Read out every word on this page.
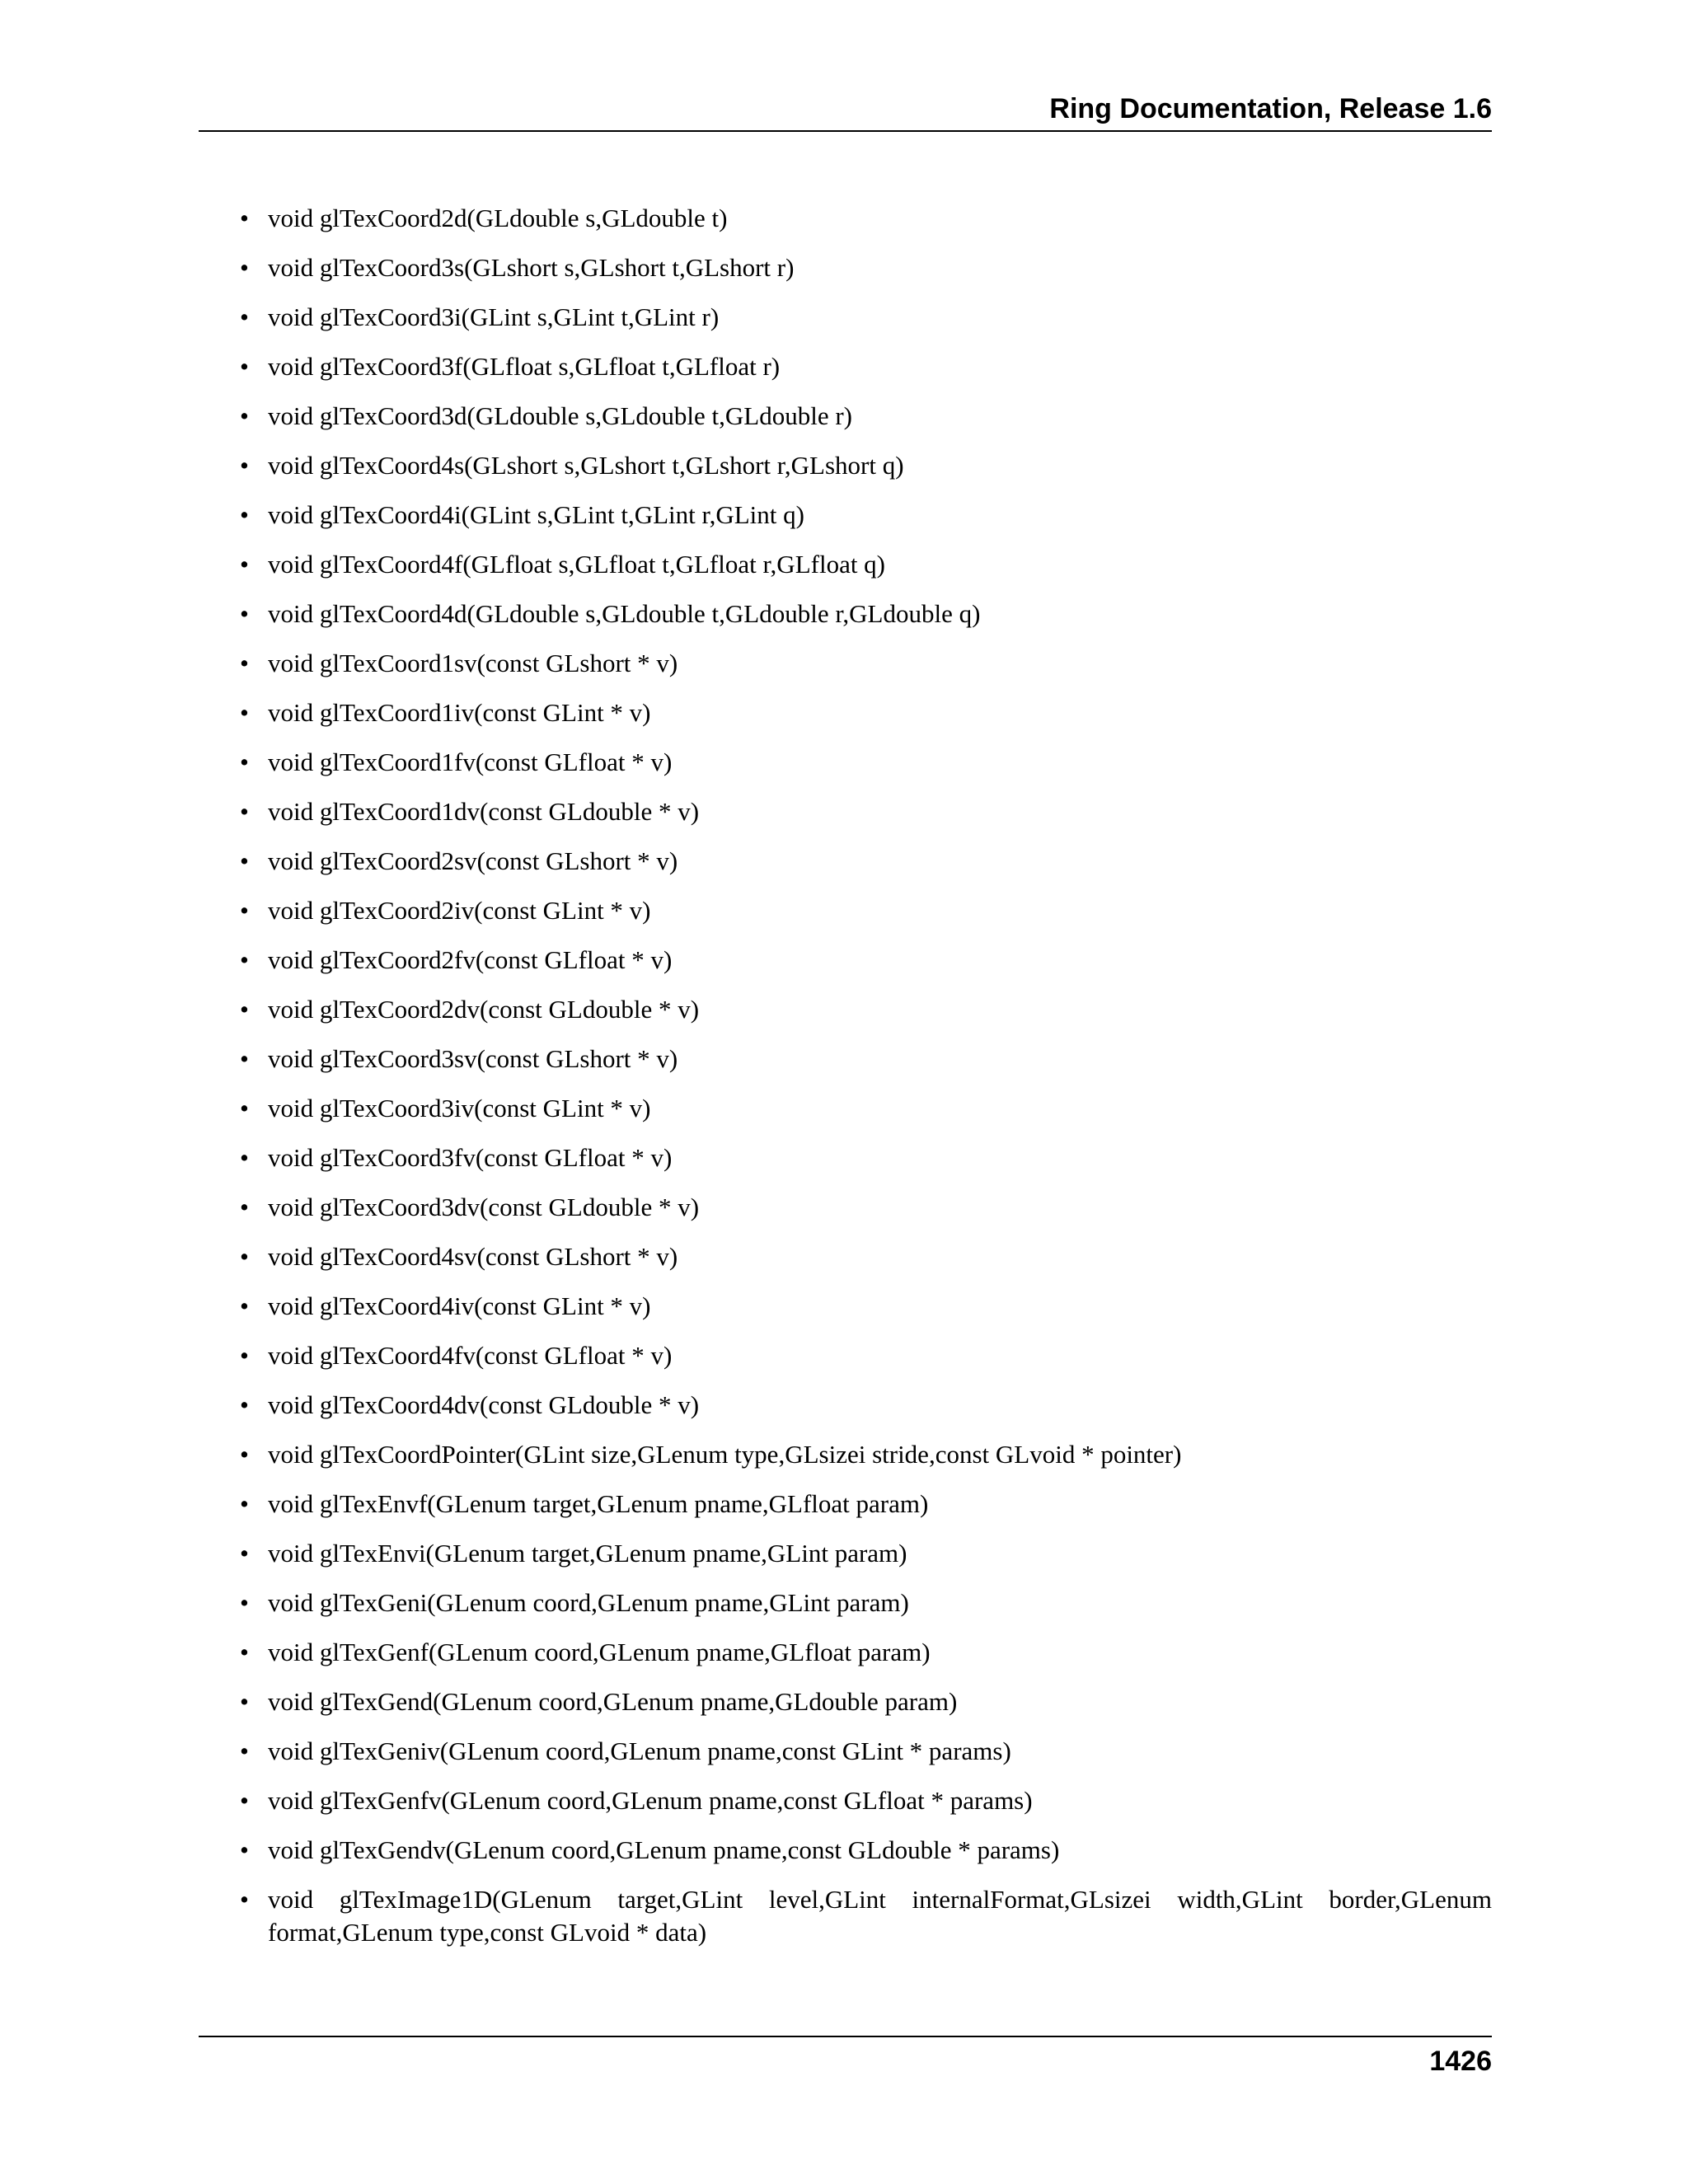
Ring Documentation, Release 1.6
• void glTexCoord2d(GLdouble s,GLdouble t)
• void glTexCoord3s(GLshort s,GLshort t,GLshort r)
• void glTexCoord3i(GLint s,GLint t,GLint r)
• void glTexCoord3f(GLfloat s,GLfloat t,GLfloat r)
• void glTexCoord3d(GLdouble s,GLdouble t,GLdouble r)
• void glTexCoord4s(GLshort s,GLshort t,GLshort r,GLshort q)
• void glTexCoord4i(GLint s,GLint t,GLint r,GLint q)
• void glTexCoord4f(GLfloat s,GLfloat t,GLfloat r,GLfloat q)
• void glTexCoord4d(GLdouble s,GLdouble t,GLdouble r,GLdouble q)
• void glTexCoord1sv(const GLshort * v)
• void glTexCoord1iv(const GLint * v)
• void glTexCoord1fv(const GLfloat * v)
• void glTexCoord1dv(const GLdouble * v)
• void glTexCoord2sv(const GLshort * v)
• void glTexCoord2iv(const GLint * v)
• void glTexCoord2fv(const GLfloat * v)
• void glTexCoord2dv(const GLdouble * v)
• void glTexCoord3sv(const GLshort * v)
• void glTexCoord3iv(const GLint * v)
• void glTexCoord3fv(const GLfloat * v)
• void glTexCoord3dv(const GLdouble * v)
• void glTexCoord4sv(const GLshort * v)
• void glTexCoord4iv(const GLint * v)
• void glTexCoord4fv(const GLfloat * v)
• void glTexCoord4dv(const GLdouble * v)
• void glTexCoordPointer(GLint size,GLenum type,GLsizei stride,const GLvoid * pointer)
• void glTexEnvf(GLenum target,GLenum pname,GLfloat param)
• void glTexEnvi(GLenum target,GLenum pname,GLint param)
• void glTexGeni(GLenum coord,GLenum pname,GLint param)
• void glTexGenf(GLenum coord,GLenum pname,GLfloat param)
• void glTexGend(GLenum coord,GLenum pname,GLdouble param)
• void glTexGeniv(GLenum coord,GLenum pname,const GLint * params)
• void glTexGenfv(GLenum coord,GLenum pname,const GLfloat * params)
• void glTexGendv(GLenum coord,GLenum pname,const GLdouble * params)
• void glTexImage1D(GLenum target,GLint level,GLint internalFormat,GLsizei width,GLint border,GLenum format,GLenum type,const GLvoid * data)
1426
